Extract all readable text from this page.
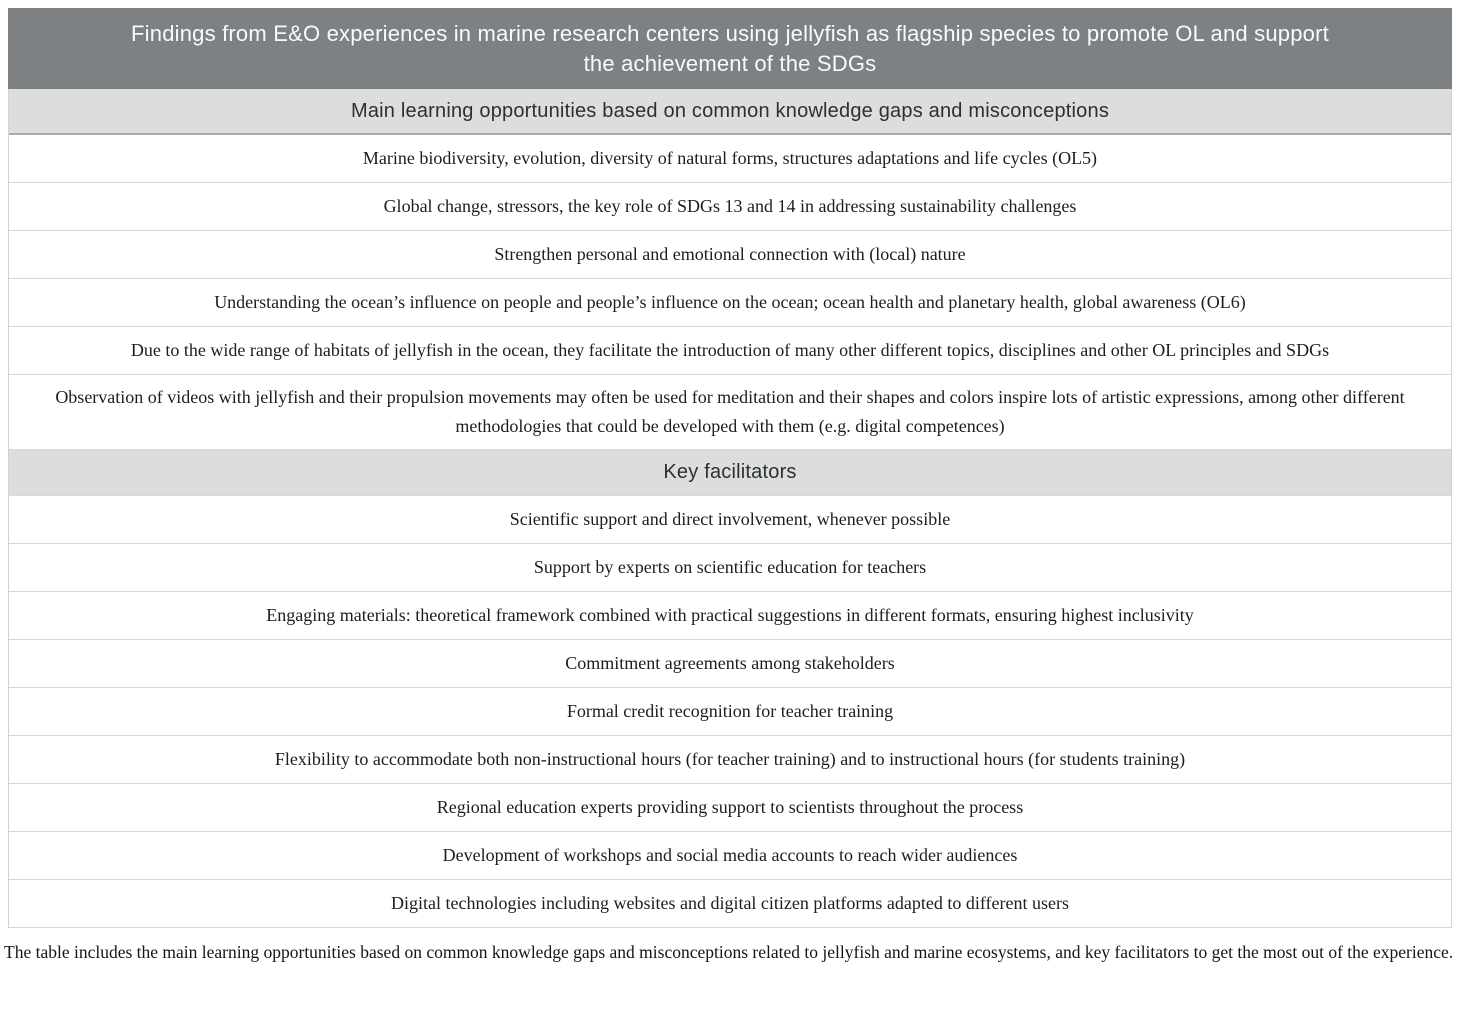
Findings from E&O experiences in marine research centers using jellyfish as flagship species to promote OL and support
the achievement of the SDGs
Main learning opportunities based on common knowledge gaps and misconceptions
Marine biodiversity, evolution, diversity of natural forms, structures adaptations and life cycles (OL5)
Global change, stressors, the key role of SDGs 13 and 14 in addressing sustainability challenges
Strengthen personal and emotional connection with (local) nature
Understanding the ocean’s influence on people and people’s influence on the ocean; ocean health and planetary health, global awareness (OL6)
Due to the wide range of habitats of jellyfish in the ocean, they facilitate the introduction of many other different topics, disciplines and other OL principles and SDGs
Observation of videos with jellyfish and their propulsion movements may often be used for meditation and their shapes and colors inspire lots of artistic expressions, among other different methodologies that could be developed with them (e.g. digital competences)
Key facilitators
Scientific support and direct involvement, whenever possible
Support by experts on scientific education for teachers
Engaging materials: theoretical framework combined with practical suggestions in different formats, ensuring highest inclusivity
Commitment agreements among stakeholders
Formal credit recognition for teacher training
Flexibility to accommodate both non-instructional hours (for teacher training) and to instructional hours (for students training)
Regional education experts providing support to scientists throughout the process
Development of workshops and social media accounts to reach wider audiences
Digital technologies including websites and digital citizen platforms adapted to different users
The table includes the main learning opportunities based on common knowledge gaps and misconceptions related to jellyfish and marine ecosystems, and key facilitators to get the most out of the experience.
